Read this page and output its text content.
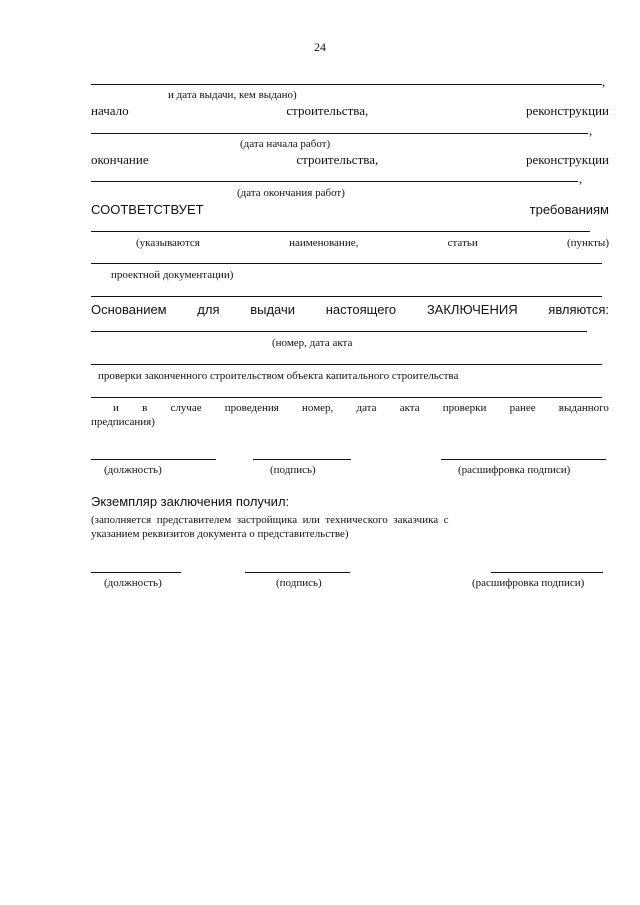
24
,
и дата выдачи, кем выдано)
начало	строительства,	реконструкции
,
(дата начала работ)
окончание	строительства,	реконструкции
,
(дата окончания работ)
СООТВЕТСТВУЕТ	требованиям
(указываются	наименование,	статьи	(пункты)
проектной документации)
Основанием для выдачи настоящего ЗАКЛЮЧЕНИЯ являются:
(номер, дата акта
проверки законченного строительством объекта капитального строительства
и в случае проведения номер, дата акта проверки ранее выданного
предписания)
(должность)	(подпись)	(расшифровка подписи)
Экземпляр заключения получил:
(заполняется  представителем  застройщика  или  технического  заказчика  с
указанием реквизитов документа о представительстве)
(должность)	(подпись)	(расшифровка подписи)
